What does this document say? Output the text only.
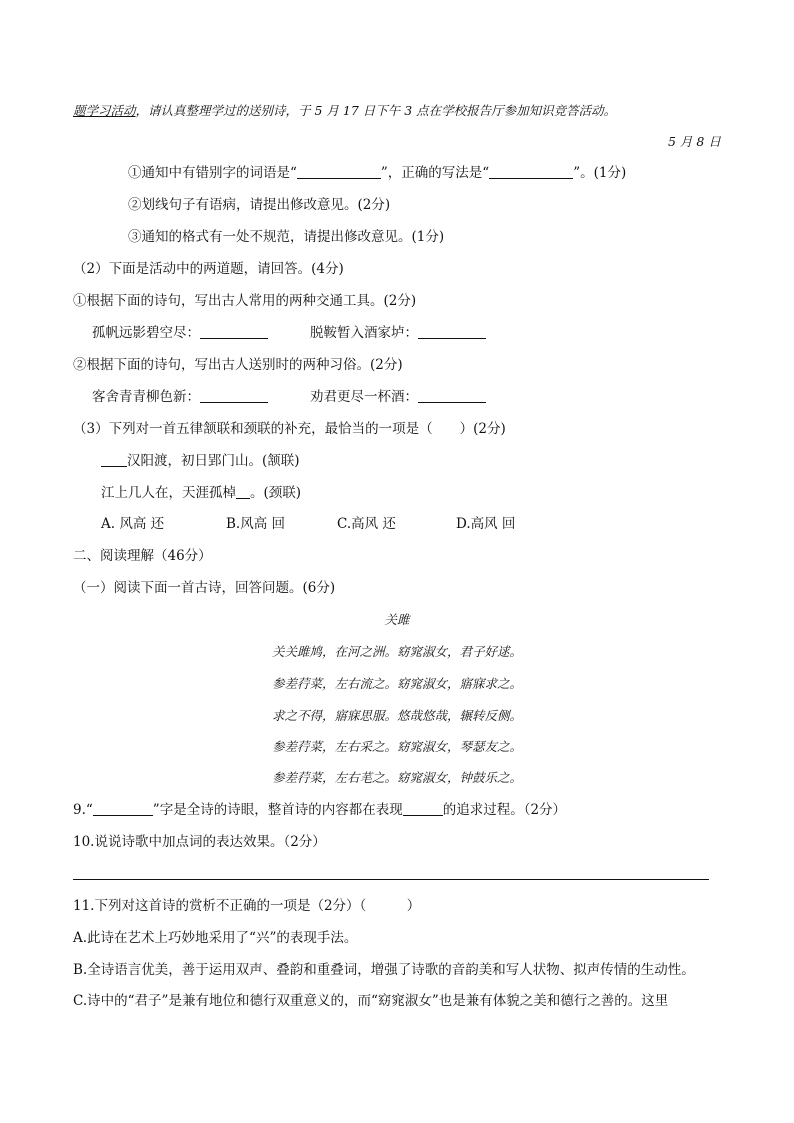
题学习活动，请认真整理学过的送别诗，于 5 月 17 日下午 3 点在学校报告厅参加知识竞答活动。
5 月 8 日
①通知中有错别字的词语是“	”，正确的写法是“	”。(1分)
②划线句子有语病，请提出修改意见。(2分)
③通知的格式有一处不规范，请提出修改意见。(1分)
（2）下面是活动中的两道题，请回答。(4分)
①根据下面的诗句，写出古人常用的两种交通工具。(2分)
孤帆远影碧空尽：	脱鞍暂入酒家垆：
②根据下面的诗句，写出古人送别时的两种习俗。(2分)
客舍青青柳色新：	劝君更尽一杯酒：
（3）下列对一首五律颔联和颈联的补充，最恰当的一项是（　　）(2分)
汉阳渡，初日郢门山。(颔联)
江上几人在，天涯孤棹 。(颈联)
A. 风高 还	B.风高 回	C.高风 还	D.高风 回
二、阅读理解（46分）
（一）阅读下面一首古诗，回答问题。(6分)
关雎
关关雎鸠，在河之洲。窈窕淑女，君子好逑。
参差荇菜，左右流之。窈窕淑女，寤寐求之。
求之不得，寤寐思服。悠哉悠哉，辗转反侧。
参差荇菜，左右采之。窈窕淑女，琴瑟友之。
参差荇菜，左右芼之。窈窕淑女，钟鼓乐之。
9.“	”字是全诗的诗眼，整首诗的内容都在表现	的追求过程。（2分）
10.说说诗歌中加点词的表达效果。（2分）
11.下列对这首诗的赏析不正确的一项是（2分）（　　　）
A.此诗在艺术上巧妙地采用了“兴”的表现手法。
B.全诗语言优美，善于运用双声、叠韵和重叠词，增强了诗歌的音韵美和写人状物、拟声传情的生动性。
C.诗中的“君子”是兼有地位和德行双重意义的，而“窈窕淑女”也是兼有体貌之美和德行之善的。这里
